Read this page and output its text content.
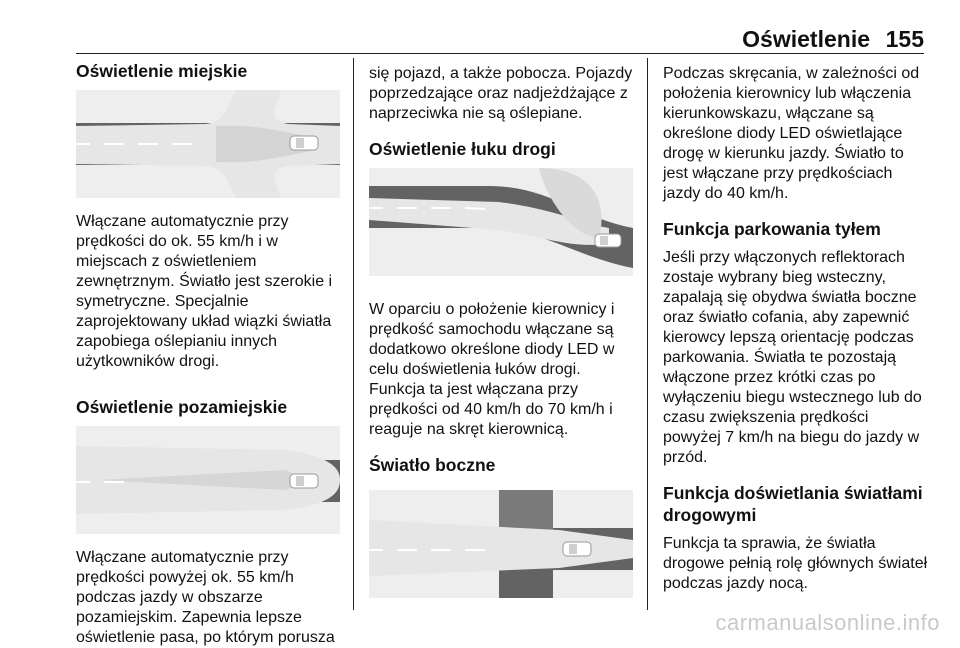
Oświetlenie 155
Oświetlenie miejskie

Włączane automatycznie przy
prędkości do ok. 55 km/h i w
miejscach z oświetleniem
zewnętrznym. Światło jest szerokie i
symetryczne. Specjalnie
zaprojektowany układ wiązki światła
zapobiega oślepianiu innych
użytkowników drogi.

Oświetlenie pozamiejskie

Włączane automatycznie przy
prędkości powyżej ok. 55 km/h
podczas jazdy w obszarze
pozamiejskim. Zapewnia lepsze
oświetlenie pasa, po którym porusza

się pojazd, a także pobocza. Pojazdy
poprzedzające oraz nadjeżdżające z
naprzeciwka nie są oślepiane.

Oświetlenie łuku drogi

W oparciu o położenie kierownicy i
prędkość samochodu włączane są
dodatkowo określone diody LED w
celu doświetlenia łuków drogi.
Funkcja ta jest włączana przy
prędkości od 40 km/h do 70 km/h i
reaguje na skręt kierownicą.

Światło boczne

Podczas skręcania, w zależności od
położenia kierownicy lub włączenia
kierunkowskazu, włączane są
określone diody LED oświetlające
drogę w kierunku jazdy. Światło to
jest włączane przy prędkościach
jazdy do 40 km/h.

Funkcja parkowania tyłem

Jeśli przy włączonych reflektorach
zostaje wybrany bieg wsteczny,
zapalają się obydwa światła boczne
oraz światło cofania, aby zapewnić
kierowcy lepszą orientację podczas
parkowania. Światła te pozostają
włączone przez krótki czas po
wyłączeniu biegu wstecznego lub do
czasu zwiększenia prędkości
powyżej 7 km/h na biegu do jazdy w
przód.

Funkcja doświetlania światłami
drogowymi

Funkcja ta sprawia, że światła
drogowe pełnią rolę głównych świateł
podczas jazdy nocą.

carmanualsonline.info
